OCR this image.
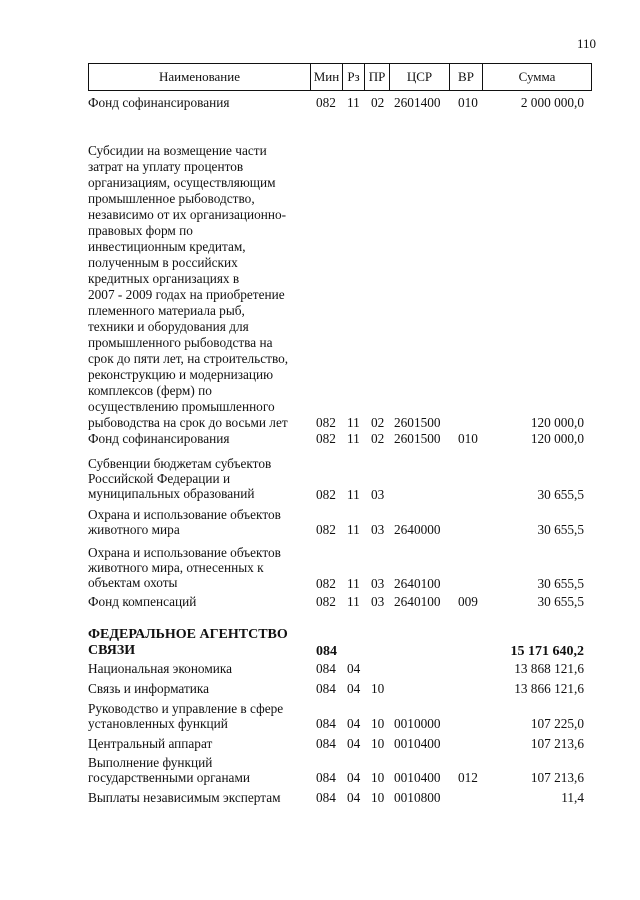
110
Наименование	Мин Рз ПР	ЦСР	ВР	Сумма
Фонд софинансирования	082 11 02 2601400 010	2 000 000,0
Субсидии на возмещение части
затрат на уплату процентов
организациям, осуществляющим
промышленное рыбоводство,
независимо от их организационно-
правовых форм по
инвестиционным кредитам,
полученным в российских
кредитных организациях в
2007 - 2009 годах на приобретение
племенного материала рыб,
техники и оборудования для
промышленного рыбоводства на
срок до пяти лет, на строительство,
реконструкцию и модернизацию
комплексов (ферм) по
осуществлению промышленного
рыбоводства на срок до восьми лет	082 11 02 2601500	120 000,0
Фонд софинансирования	082 11 02 2601500 010	120 000,0
Субвенции бюджетам субъектов
Российской Федерации и
муниципальных образований	082 11 03	30 655,5
Охрана и использование объектов
животного мира	082 11 03 2640000	30 655,5
Охрана и использование объектов
животного мира, отнесенных к
объектам охоты	082 11 03 2640100	30 655,5
Фонд компенсаций	082 11 03 2640100 009	30 655,5
ФЕДЕРАЛЬНОЕ АГЕНТСТВО
СВЯЗИ	084	15 171 640,2
Национальная экономика	084 04	13 868 121,6
Связь и информатика	084 04 10	13 866 121,6
Руководство и управление в сфере
установленных функций	084 04 10 0010000	107 225,0
Центральный аппарат	084 04 10 0010400	107 213,6
Выполнение функций
государственными органами	084 04 10 0010400 012	107 213,6
Выплаты независимым экспертам	084 04 10 0010800	11,4
